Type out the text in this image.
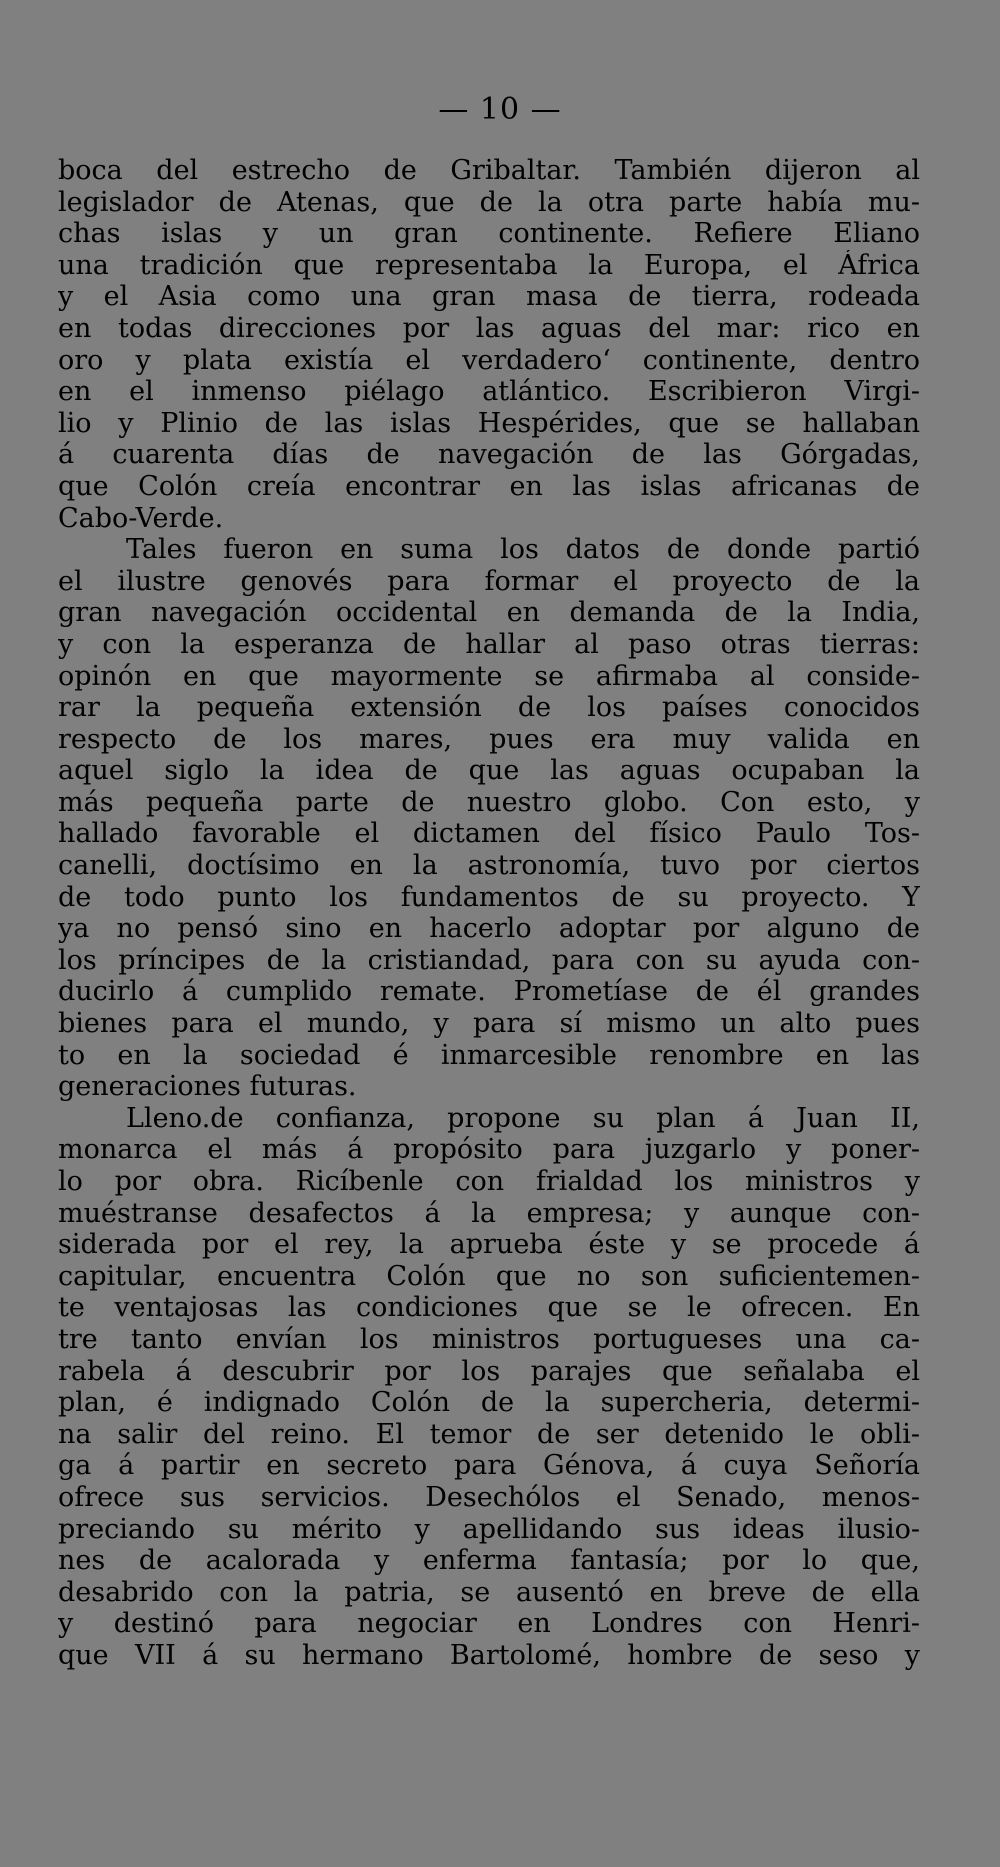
— 10 —
boca del estrecho de Gribaltar. También dijeron al
legislador de Atenas, que de la otra parte había mu-
chas islas y un gran continente. Refiere Eliano
una tradición que representaba la Europa, el África
y el Asia como una gran masa de tierra, rodeada
en todas direcciones por las aguas del mar: rico en
oro y plata existía el verdadero‘ continente, dentro
en el inmenso piélago atlántico. Escribieron Virgi-
lio y Plinio de las islas Hespérides, que se hallaban
á cuarenta días de navegación de las Górgadas,
que Colón creía encontrar en las islas africanas de
Cabo-Verde.
Tales fueron en suma los datos de donde partió
el ilustre genovés para formar el proyecto de la
gran navegación occidental en demanda de la India,
y con la esperanza de hallar al paso otras tierras:
opinón en que mayormente se afirmaba al conside-
rar la pequeña extensión de los países conocidos
respecto de los mares, pues era muy valida en
aquel siglo la idea de que las aguas ocupaban la
más pequeña parte de nuestro globo. Con esto, y
hallado favorable el dictamen del físico Paulo Tos-
canelli, doctísimo en la astronomía, tuvo por ciertos
de todo punto los fundamentos de su proyecto. Y
ya no pensó sino en hacerlo adoptar por alguno de
los príncipes de la cristiandad, para con su ayuda con-
ducirlo á cumplido remate. Prometíase de él grandes
bienes para el mundo, y para sí mismo un alto pues
to en la sociedad é inmarcesible renombre en las
generaciones futuras.
Lleno.de confianza, propone su plan á Juan II,
monarca el más á propósito para juzgarlo y poner-
lo por obra. Ricíbenle con frialdad los ministros y
muéstranse desafectos á la empresa; y aunque con-
siderada por el rey, la aprueba éste y se procede á
capitular, encuentra Colón que no son suficientemen-
te ventajosas las condiciones que se le ofrecen. En
tre tanto envían los ministros portugueses una ca-
rabela á descubrir por los parajes que señalaba el
plan, é indignado Colón de la supercheria, determi-
na salir del reino. El temor de ser detenido le obli-
ga á partir en secreto para Génova, á cuya Señoría
ofrece sus servicios. Desechólos el Senado, menos-
preciando su mérito y apellidando sus ideas ilusio-
nes de acalorada y enferma fantasía; por lo que,
desabrido con la patria, se ausentó en breve de ella
y destinó para negociar en Londres con Henri-
que VII á su hermano Bartolomé, hombre de seso y
